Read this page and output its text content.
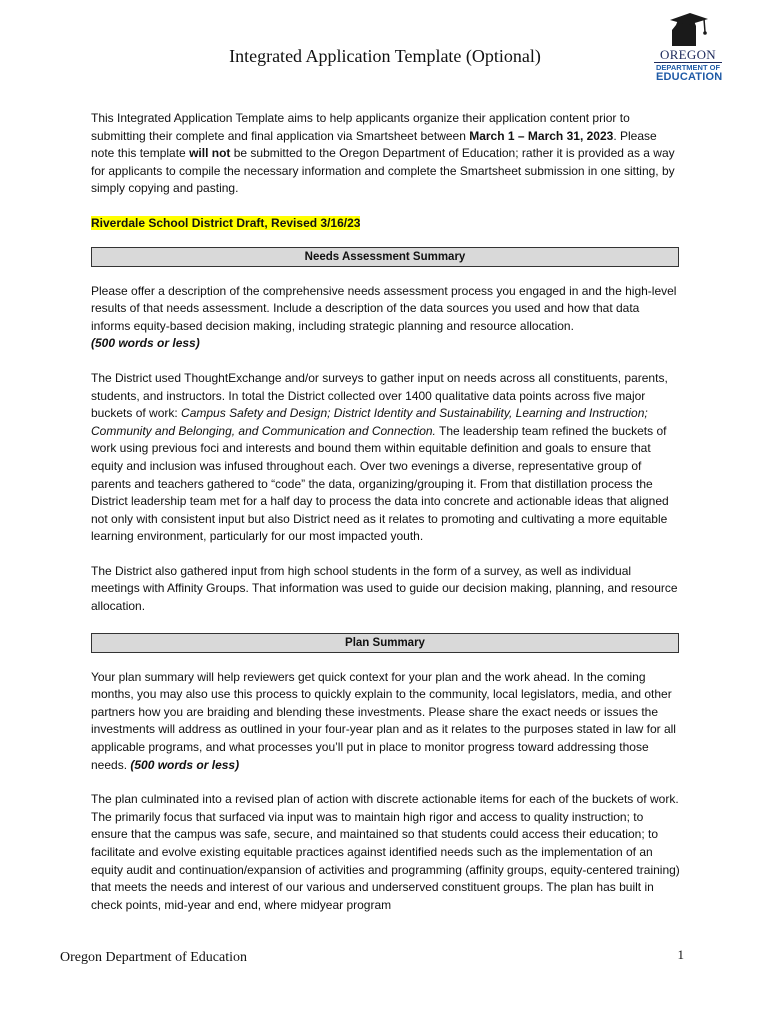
Integrated Application Template (Optional)	OREGON
DEPARTMENT OF
EDUCATION

This Integrated Application Template aims to help applicants organize their application content prior to submitting their complete and final application via Smartsheet between March 1 – March 31, 2023. Please note this template will not be submitted to the Oregon Department of Education; rather it is provided as a way for applicants to compile the necessary information and complete the Smartsheet submission in one sitting, by simply copying and pasting.

Riverdale School District Draft, Revised 3/16/23
Needs Assessment Summary

Please offer a description of the comprehensive needs assessment process you engaged in and the high-level results of that needs assessment. Include a description of the data sources you used and how that data informs equity-based decision making, including strategic planning and resource allocation.
(500 words or less)

The District used ThoughtExchange and/or surveys to gather input on needs across all constituents, parents, students, and instructors. In total the District collected over 1400 qualitative data points across five major buckets of work: Campus Safety and Design; District Identity and Sustainability, Learning and Instruction; Community and Belonging, and Communication and Connection. The leadership team refined the buckets of work using previous foci and interests and bound them within equitable definition and goals to ensure that equity and inclusion was infused throughout each. Over two evenings a diverse, representative group of parents and teachers gathered to “code” the data, organizing/grouping it. From that distillation process the District leadership team met for a half day to process the data into concrete and actionable ideas that aligned not only with consistent input but also District need as it relates to promoting and cultivating a more equitable learning environment, particularly for our most impacted youth.

The District also gathered input from high school students in the form of a survey, as well as individual meetings with Affinity Groups. That information was used to guide our decision making, planning, and resource allocation.

Plan Summary

Your plan summary will help reviewers get quick context for your plan and the work ahead. In the coming months, you may also use this process to quickly explain to the community, local legislators, media, and other partners how you are braiding and blending these investments. Please share the exact needs or issues the investments will address as outlined in your four-year plan and as it relates to the purposes stated in law for all applicable programs, and what processes you’ll put in place to monitor progress toward addressing those needs. (500 words or less)

The plan culminated into a revised plan of action with discrete actionable items for each of the buckets of work. The primarily focus that surfaced via input was to maintain high rigor and access to quality instruction; to ensure that the campus was safe, secure, and maintained so that students could access their education; to facilitate and evolve existing equitable practices against identified needs such as the implementation of an equity audit and continuation/expansion of activities and programming (affinity groups, equity-centered training) that meets the needs and interest of our various and underserved constituent groups. The plan has built in check points, mid-year and end, where midyear program

Oregon Department of Education	1
